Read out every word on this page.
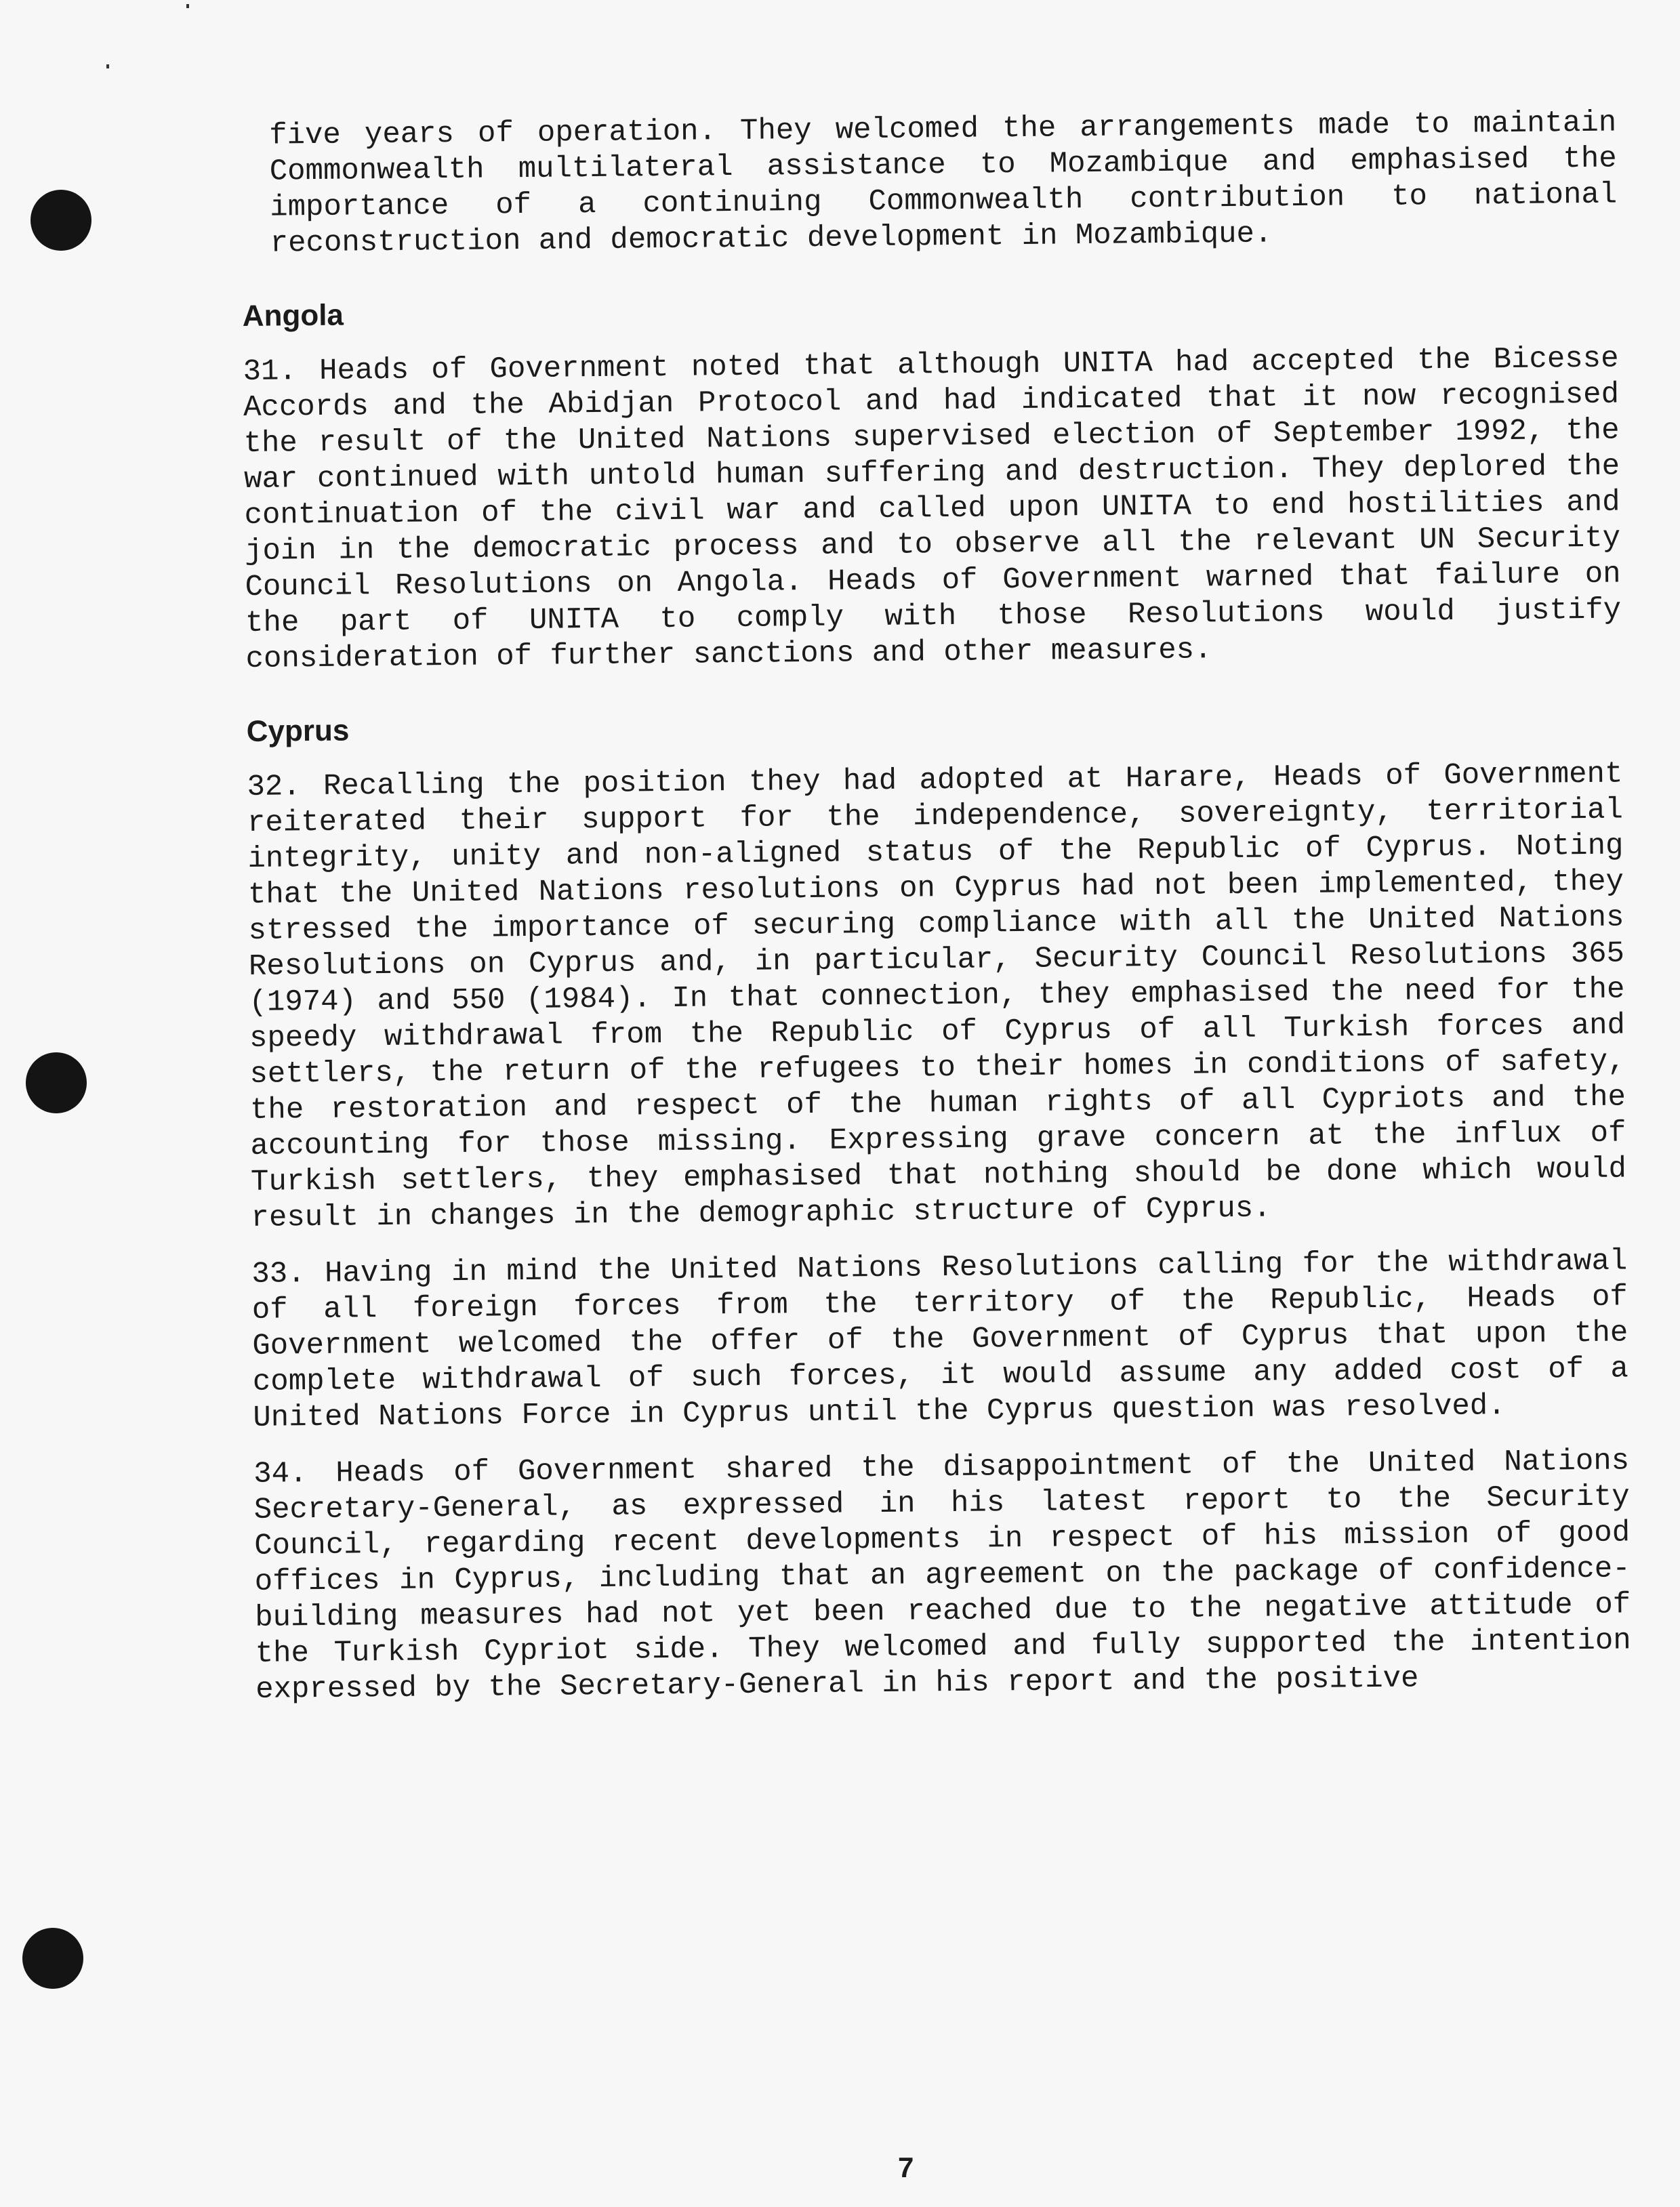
five years of operation. They welcomed the arrangements made to maintain Commonwealth multilateral assistance to Mozambique and emphasised the importance of a continuing Commonwealth contribution to national reconstruction and democratic development in Mozambique.

Angola

31. Heads of Government noted that although UNITA had accepted the Bicesse Accords and the Abidjan Protocol and had indicated that it now recognised the result of the United Nations supervised election of September 1992, the war continued with untold human suffering and destruction. They deplored the continuation of the civil war and called upon UNITA to end hostilities and join in the democratic process and to observe all the relevant UN Security Council Resolutions on Angola. Heads of Government warned that failure on the part of UNITA to comply with those Resolutions would justify consideration of further sanctions and other measures.

Cyprus

32. Recalling the position they had adopted at Harare, Heads of Government reiterated their support for the independence, sovereignty, territorial integrity, unity and non-aligned status of the Republic of Cyprus. Noting that the United Nations resolutions on Cyprus had not been implemented, they stressed the importance of securing compliance with all the United Nations Resolutions on Cyprus and, in particular, Security Council Resolutions 365 (1974) and 550 (1984). In that connection, they emphasised the need for the speedy withdrawal from the Republic of Cyprus of all Turkish forces and settlers, the return of the refugees to their homes in conditions of safety, the restoration and respect of the human rights of all Cypriots and the accounting for those missing. Expressing grave concern at the influx of Turkish settlers, they emphasised that nothing should be done which would result in changes in the demographic structure of Cyprus.

33. Having in mind the United Nations Resolutions calling for the withdrawal of all foreign forces from the territory of the Republic, Heads of Government welcomed the offer of the Government of Cyprus that upon the complete withdrawal of such forces, it would assume any added cost of a United Nations Force in Cyprus until the Cyprus question was resolved.

34. Heads of Government shared the disappointment of the United Nations Secretary-General, as expressed in his latest report to the Security Council, regarding recent developments in respect of his mission of good offices in Cyprus, including that an agreement on the package of confidence-building measures had not yet been reached due to the negative attitude of the Turkish Cypriot side. They welcomed and fully supported the intention expressed by the Secretary-General in his report and the positive

7
